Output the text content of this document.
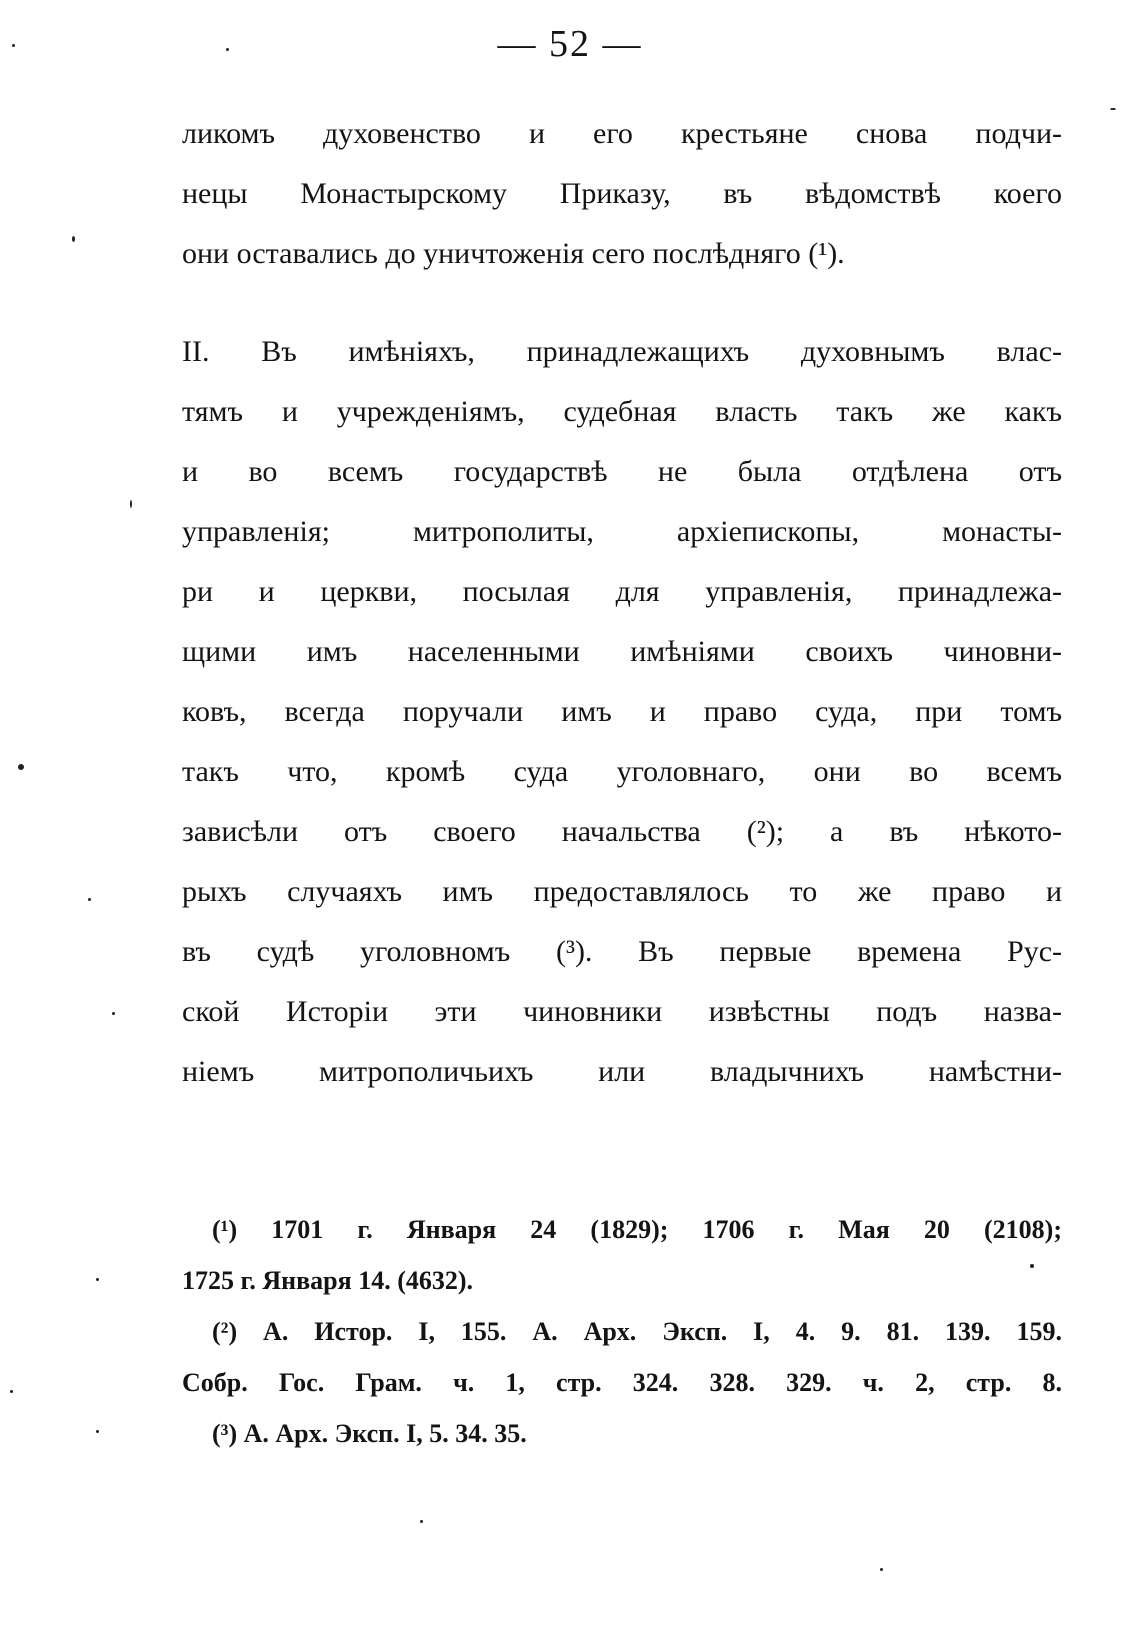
— 52 —
ликомъ духовенство и его крестьяне снова подчи-
нецы Монастырскому Приказу, въ вѣдомствѣ коего
они оставались до уничтоженія сего послѣдняго (¹).
II. Въ имѣніяхъ, принадлежащихъ духовнымъ влас-
тямъ и учрежденіямъ, судебная власть такъ же какъ
и во всемъ государствѣ не была отдѣлена отъ
управленія; митрополиты, архіепископы, монасты-
ри и церкви, посылая для управленія, принадлежа-
щими имъ населенными имѣніями своихъ чиновни-
ковъ, всегда поручали имъ и право суда, при томъ
такъ что, кромѣ суда уголовнаго, они во всемъ
зависѣли отъ своего начальства (²); а въ нѣкото-
рыхъ случаяхъ имъ предоставлялось то же право и
въ судѣ уголовномъ (³). Въ первые времена Рус-
ской Исторіи эти чиновники извѣстны подъ назва-
ніемъ митрополичьихъ или владычнихъ намѣстни-
(¹) 1701 г. Января 24 (1829); 1706 г. Мая 20 (2108);
1725 г. Января 14. (4632).
(²) А. Истор. I, 155. А. Арх. Эксп. I, 4. 9. 81. 139. 159.
Собр. Гос. Грам. ч. 1, стр. 324. 328. 329. ч. 2, стр. 8.
(³) А. Арх. Эксп. I, 5. 34. 35.
